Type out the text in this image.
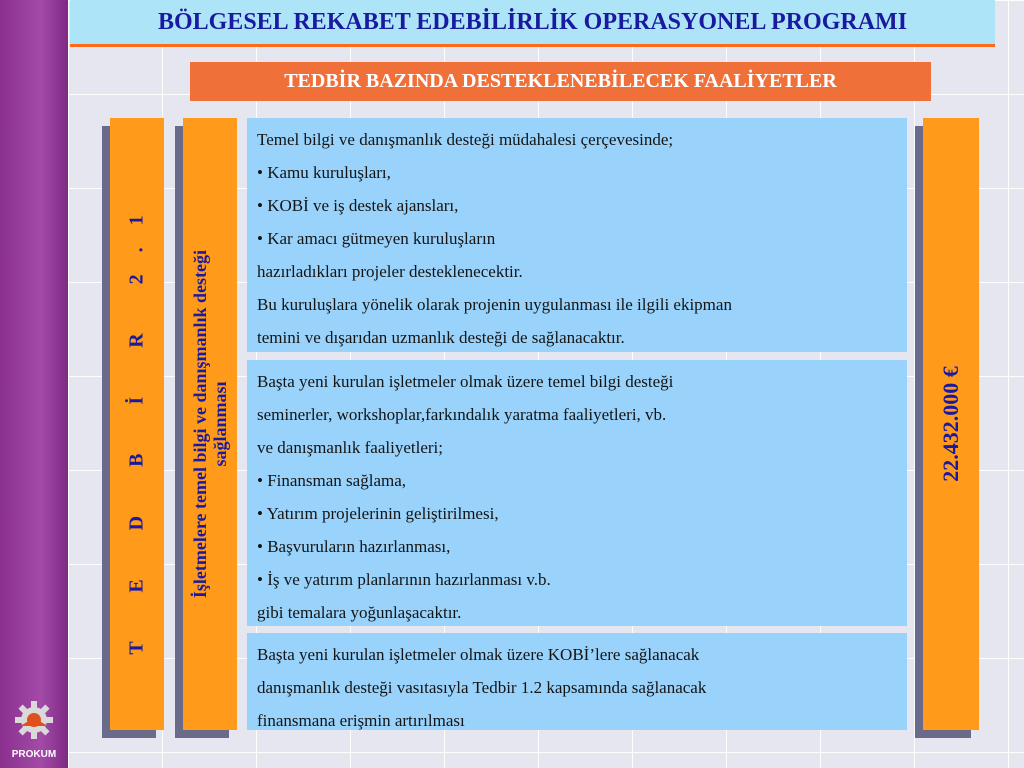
PROKUM
BÖLGESEL REKABET EDEBİLİRLİK OPERASYONEL PROGRAMI
TEDBİR BAZINDA DESTEKLENEBİLECEK FAALİYETLER
T E D B İ R 2.1 İşletmelere temel bilgi ve danışmanlık desteği sağlanması
Temel bilgi ve danışmanlık desteği müdahalesi çerçevesinde;
• Kamu kuruluşları,
• KOBİ ve iş destek ajansları,
• Kar amacı gütmeyen kuruluşların
hazırladıkları projeler desteklenecektir.
Bu kuruluşlara yönelik olarak projenin uygulanması ile ilgili ekipman
temini ve dışarıdan uzmanlık desteği de sağlanacaktır.
Başta yeni kurulan işletmeler olmak üzere temel bilgi desteği
seminerler, workshoplar,farkındalık yaratma faaliyetleri, vb.
ve danışmanlık faaliyetleri;
• Finansman sağlama,
• Yatırım projelerinin geliştirilmesi,
• Başvuruların hazırlanması,
• İş ve yatırım planlarının hazırlanması v.b.
gibi temalara yoğunlaşacaktır.
Başta yeni kurulan işletmeler olmak üzere KOBİ’lere sağlanacak
danışmanlık desteği vasıtasıyla Tedbir 1.2 kapsamında sağlanacak
finansmana erişmin artırılması
22.432.000 €
